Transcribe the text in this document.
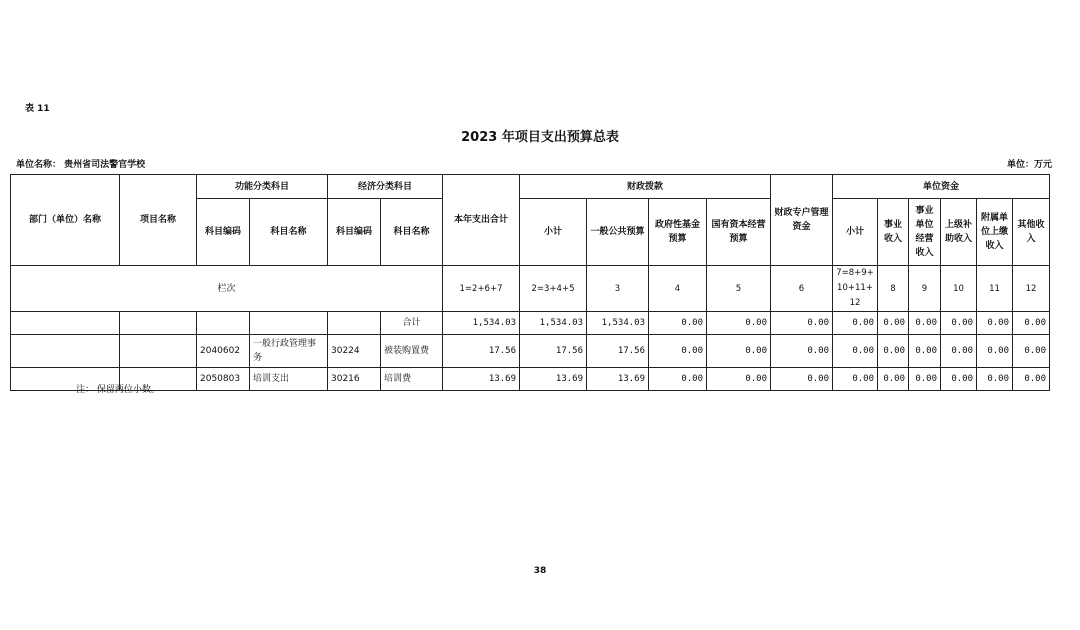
表 11
2023 年项目支出预算总表
单位名称： 贵州省司法警官学校	单位：万元
部门（单位）名称	项目名称	功能分类科目		经济分类科目		本年支出合计	财政拨款				财政专户管理资金	单位资金					
		科目编码	科目名称	科目编码	科目名称		小计	一般公共预算	政府性基金预算	国有资本经营预算		小计	事业收入	事业单位经营收入	上级补助收入	附属单位上缴收入	其他收入
栏次						1=2+6+7	2=3+4+5	3	4	5	6	7=8+9+10+11+12	8	9	10	11	12
					合计	1,534.03	1,534.03	1,534.03	0.00	0.00	0.00	0.00	0.00	0.00	0.00	0.00	0.00
		2040602	一般行政管理事务	30224	被装购置费	17.56	17.56	17.56	0.00	0.00	0.00	0.00	0.00	0.00	0.00	0.00	0.00
		2050803	培训支出	30216	培训费	13.69	13.69	13.69	0.00	0.00	0.00	0.00	0.00	0.00	0.00	0.00	0.00
注： 保留两位小数。
38
